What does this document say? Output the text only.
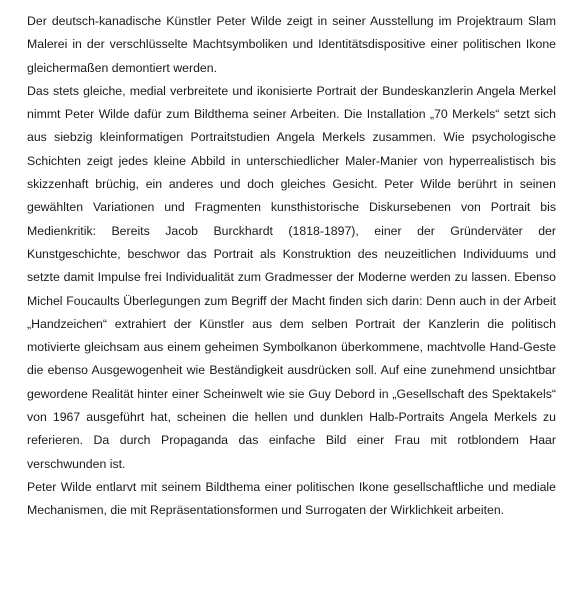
Der deutsch-kanadische Künstler Peter Wilde zeigt in seiner Ausstellung im Projektraum Slam Malerei in der verschlüsselte Machtsymboliken und Identitätsdispositive einer politischen Ikone gleichermaßen demontiert werden.

Das stets gleiche, medial verbreitete und ikonisierte Portrait der Bundeskanzlerin Angela Merkel nimmt Peter Wilde dafür zum Bildthema seiner Arbeiten. Die Installation „70 Merkels“ setzt sich aus siebzig kleinformatigen Portraitstudien Angela Merkels zusammen. Wie psychologische Schichten zeigt jedes kleine Abbild in unterschiedlicher Maler-Manier von hyperrealistisch bis skizzenhaft brüchig, ein anderes und doch gleiches Gesicht. Peter Wilde berührt in seinen gewählten Variationen und Fragmenten kunsthistorische Diskursebenen von Portrait bis Medienkritik: Bereits Jacob Burckhardt (1818-1897), einer der Gründerväter der Kunstgeschichte, beschwor das Portrait als Konstruktion des neuzeitlichen Individuums und setzte damit Impulse frei Individualität zum Gradmesser der Moderne werden zu lassen. Ebenso Michel Foucaults Überlegungen zum Begriff der Macht finden sich darin: Denn auch in der Arbeit „Handzeichen“ extrahiert der Künstler aus dem selben Portrait der Kanzlerin die politisch motivierte gleichsam aus einem geheimen Symbolkanon überkommene, machtvolle Hand-Geste die ebenso Ausgewogenheit wie Beständigkeit ausdrücken soll. Auf eine zunehmend unsichtbar gewordene Realität hinter einer Scheinwelt wie sie Guy Debord in „Gesellschaft des Spektakels“ von 1967 ausgeführt hat, scheinen die hellen und dunklen Halb-Portraits Angela Merkels zu referieren. Da durch Propaganda das einfache Bild einer Frau mit rotblondem Haar verschwunden ist.

Peter Wilde entlarvt mit seinem Bildthema einer politischen Ikone gesellschaftliche und mediale Mechanismen, die mit Repräsentationsformen und Surrogaten der Wirklichkeit arbeiten.
